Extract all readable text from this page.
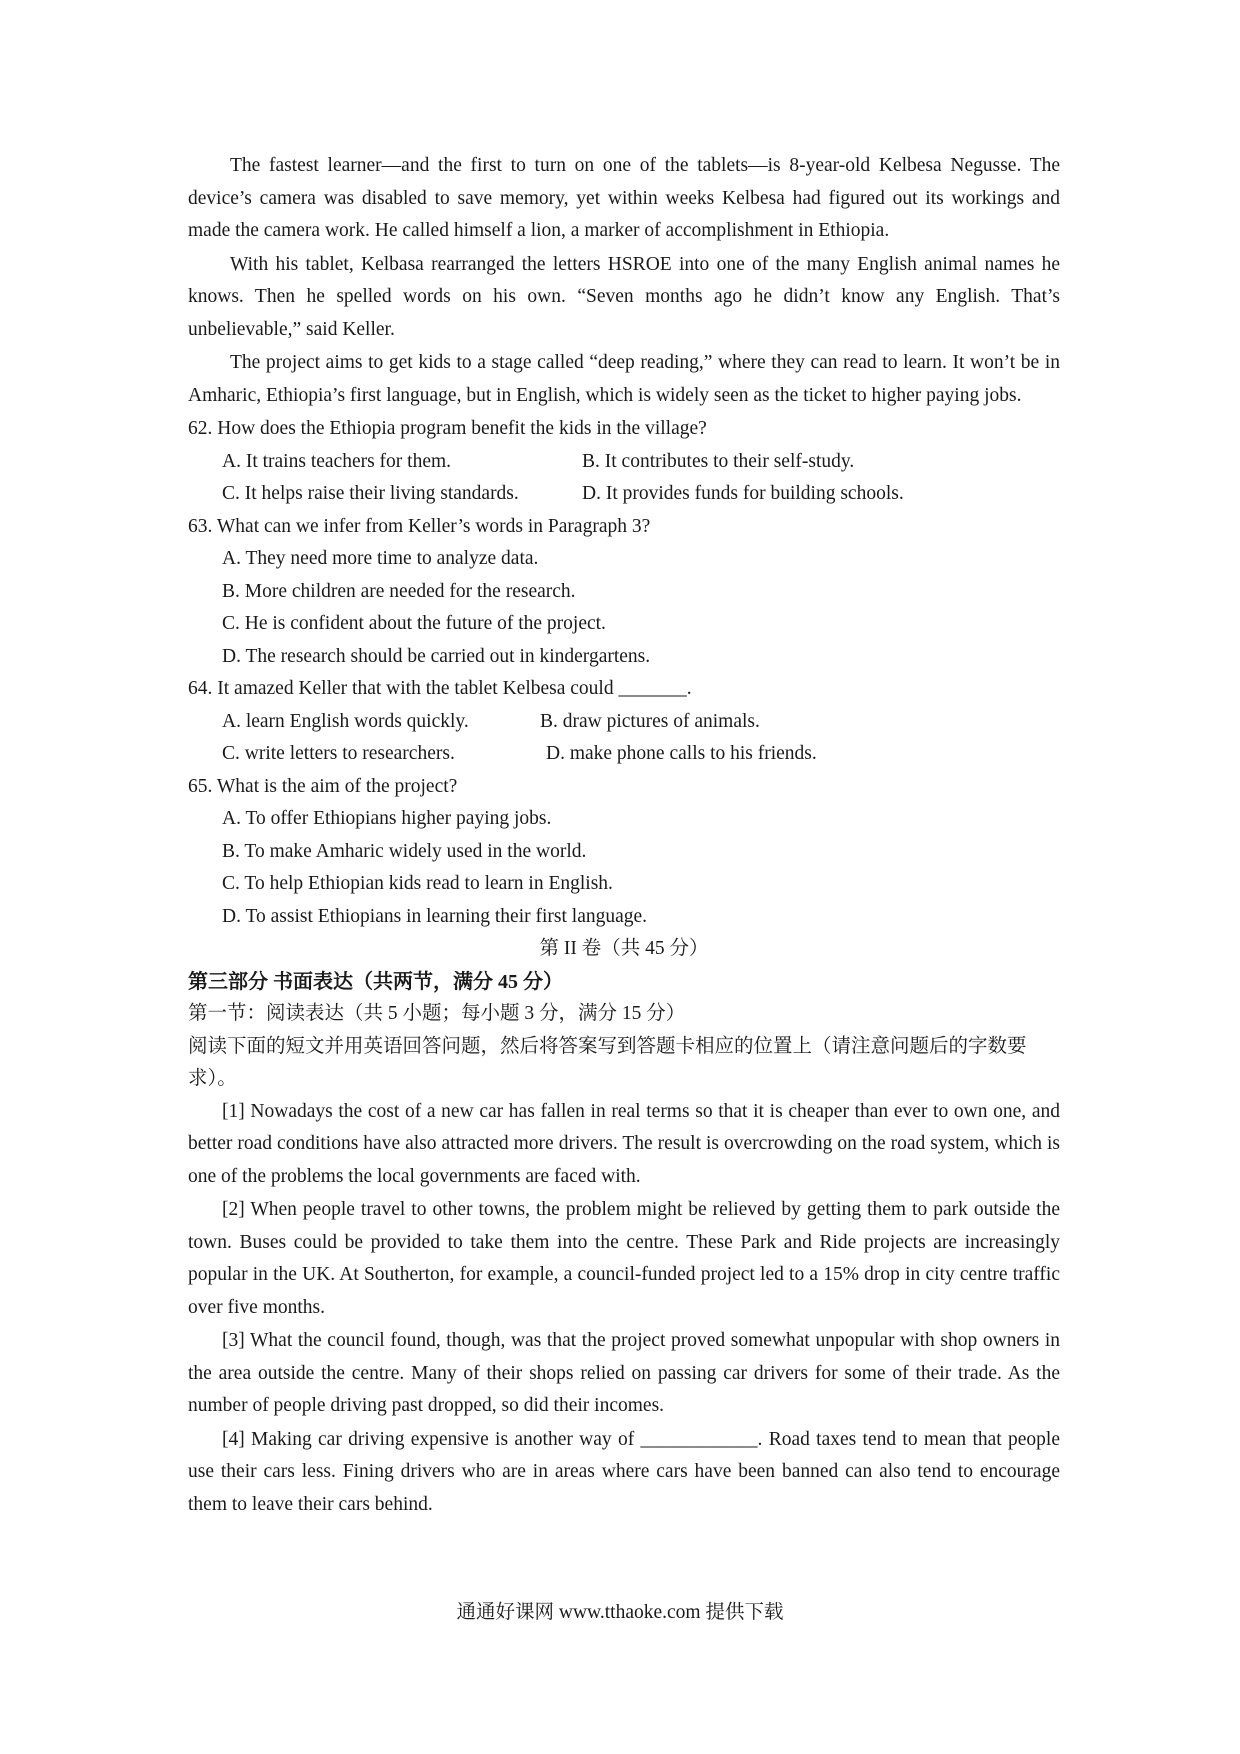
The fastest learner—and the first to turn on one of the tablets—is 8-year-old Kelbesa Negusse. The device’s camera was disabled to save memory, yet within weeks Kelbesa had figured out its workings and made the camera work. He called himself a lion, a marker of accomplishment in Ethiopia.

With his tablet, Kelbasa rearranged the letters HSROE into one of the many English animal names he knows. Then he spelled words on his own. “Seven months ago he didn’t know any English. That’s unbelievable,” said Keller.

The project aims to get kids to a stage called “deep reading,” where they can read to learn. It won’t be in Amharic, Ethiopia’s first language, but in English, which is widely seen as the ticket to higher paying jobs.

62. How does the Ethiopia program benefit the kids in the village?

A. It trains teachers for them.	B. It contributes to their self-study.
C. It helps raise their living standards.	D. It provides funds for building schools.

63. What can we infer from Keller’s words in Paragraph 3?

A. They need more time to analyze data.

B. More children are needed for the research.

C. He is confident about the future of the project.

D. The research should be carried out in kindergartens.

64. It amazed Keller that with the tablet Kelbesa could _______.

A. learn English words quickly.	B. draw pictures of animals.
C. write letters to researchers.	D. make phone calls to his friends.

65. What is the aim of the project?

A. To offer Ethiopians higher paying jobs.

B. To make Amharic widely used in the world.

C. To help Ethiopian kids read to learn in English.

D. To assist Ethiopians in learning their first language.

第 II 卷（共 45 分）
第三部分 书面表达（共两节，满分 45 分）
第一节：阅读表达（共 5 小题；每小题 3 分，满分 15 分）
阅读下面的短文并用英语回答问题，然后将答案写到答题卡相应的位置上（请注意问题后的字数要求）。

[1] Nowadays the cost of a new car has fallen in real terms so that it is cheaper than ever to own one, and better road conditions have also attracted more drivers. The result is overcrowding on the road system, which is one of the problems the local governments are faced with.

[2] When people travel to other towns, the problem might be relieved by getting them to park outside the town. Buses could be provided to take them into the centre. These Park and Ride projects are increasingly popular in the UK. At Southerton, for example, a council-funded project led to a 15% drop in city centre traffic over five months.

[3] What the council found, though, was that the project proved somewhat unpopular with shop owners in the area outside the centre. Many of their shops relied on passing car drivers for some of their trade. As the number of people driving past dropped, so did their incomes.

[4] Making car driving expensive is another way of ____________. Road taxes tend to mean that people use their cars less. Fining drivers who are in areas where cars have been banned can also tend to encourage them to leave their cars behind.

通通好课网 www.tthaoke.com 提供下载
